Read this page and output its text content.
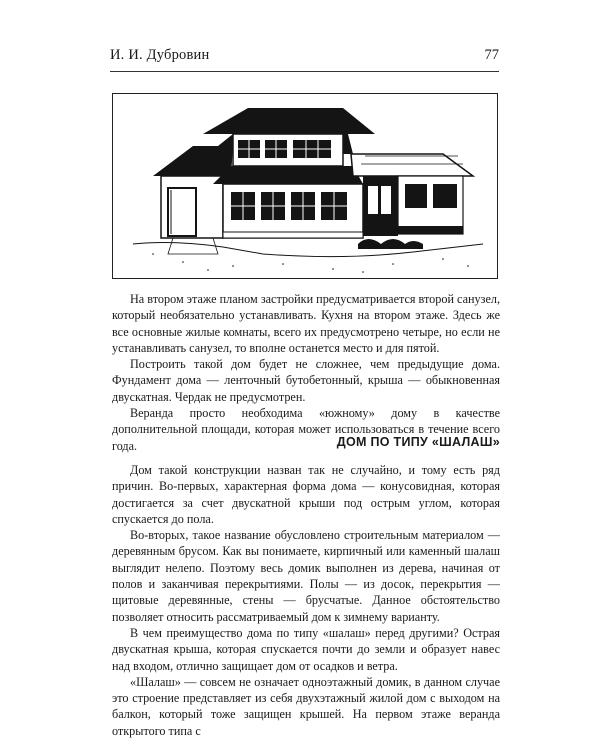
И. И. Дубровин	77

На втором этаже планом застройки предусматривается второй санузел, который необязательно устанавливать. Кухня на втором этаже. Здесь же все основные жилые комнаты, всего их предусмотрено четыре, но если не устанавливать санузел, то вполне останется место и для пятой.

Построить такой дом будет не сложнее, чем предыдущие дома. Фундамент дома — ленточный бутобетонный, крыша — обыкновенная двускатная. Чердак не предусмотрен.

Веранда просто необходима «южному» дому в качестве дополнительной площади, которая может использоваться в течение всего года.	ДОМ ПО ТИПУ «ШАЛАШ»

Дом такой конструкции назван так не случайно, и тому есть ряд причин. Во-первых, характерная форма дома — конусовидная, которая достигается за счет двускатной крыши под острым углом, которая спускается до пола.

Во-вторых, такое название обусловлено строительным материалом — деревянным брусом. Как вы понимаете, кирпичный или каменный шалаш выглядит нелепо. Поэтому весь домик выполнен из дерева, начиная от полов и заканчивая перекрытиями. Полы — из досок, перекрытия — щитовые деревянные, стены — брусчатые. Данное обстоятельство позволяет относить рассматриваемый дом к зимнему варианту.

В чем преимущество дома по типу «шалаш» перед другими? Острая двускатная крыша, которая спускается почти до земли и образует навес над входом, отлично защищает дом от осадков и ветра.

«Шалаш» — совсем не означает одноэтажный домик, в данном случае это строение представляет из себя двухэтажный жилой дом с выходом на балкон, который тоже защищен крышей. На первом этаже веранда открытого типа с
